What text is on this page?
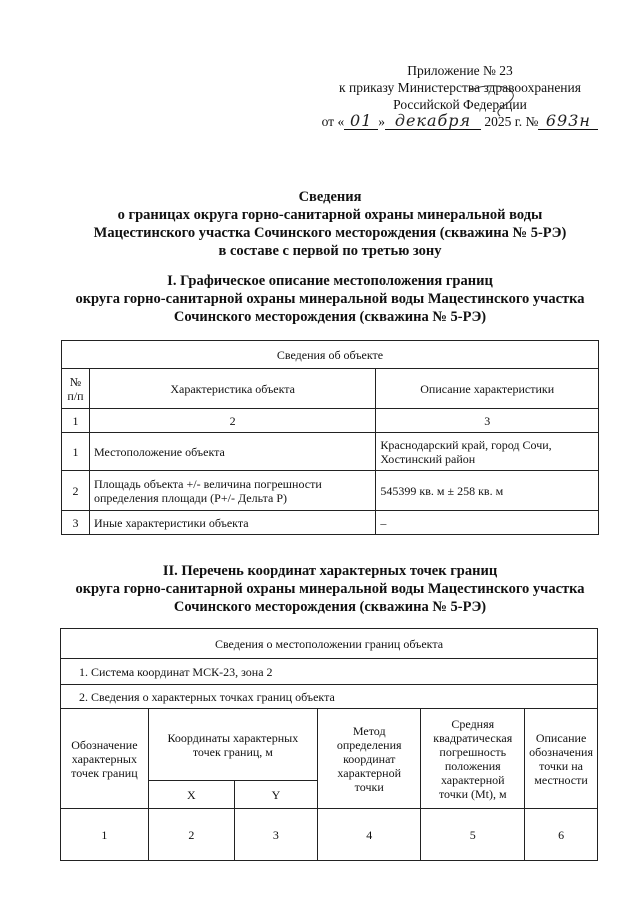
Приложение № 23
к приказу Министерства здравоохранения
Российской Федерации
от « 01 » декабря 2025 г. № 693н
Сведения
о границах округа горно-санитарной охраны минеральной воды
Мацестинского участка Сочинского месторождения (скважина № 5-РЭ)
в составе с первой по третью зону
I. Графическое описание местоположения границ
округа горно-санитарной охраны минеральной воды Мацестинского участка
Сочинского месторождения (скважина № 5-РЭ)
Сведения об объекте		
№ п/п	Характеристика объекта	Описание характеристики
1	2	3
1	Местоположение объекта	Краснодарский край, город Сочи, Хостинский район
2	Площадь объекта +/- величина погрешности определения площади (Р+/- Дельта Р)	545399 кв. м ± 258 кв. м
3	Иные характеристики объекта	–
II. Перечень координат характерных точек границ
округа горно-санитарной охраны минеральной воды Мацестинского участка
Сочинского месторождения (скважина № 5-РЭ)
Сведения о местоположении границ объекта					
1. Система координат МСК-23, зона 2					
2. Сведения о характерных точках границ объекта					
Обозначение характерных точек границ	Координаты характерных точек границ, м		Метод определения координат характерной точки	Средняя квадратическая погрешность положения характерной точки (Mt), м	Описание обозначения точки на местности
	X	Y			
1	2	3	4	5	6
